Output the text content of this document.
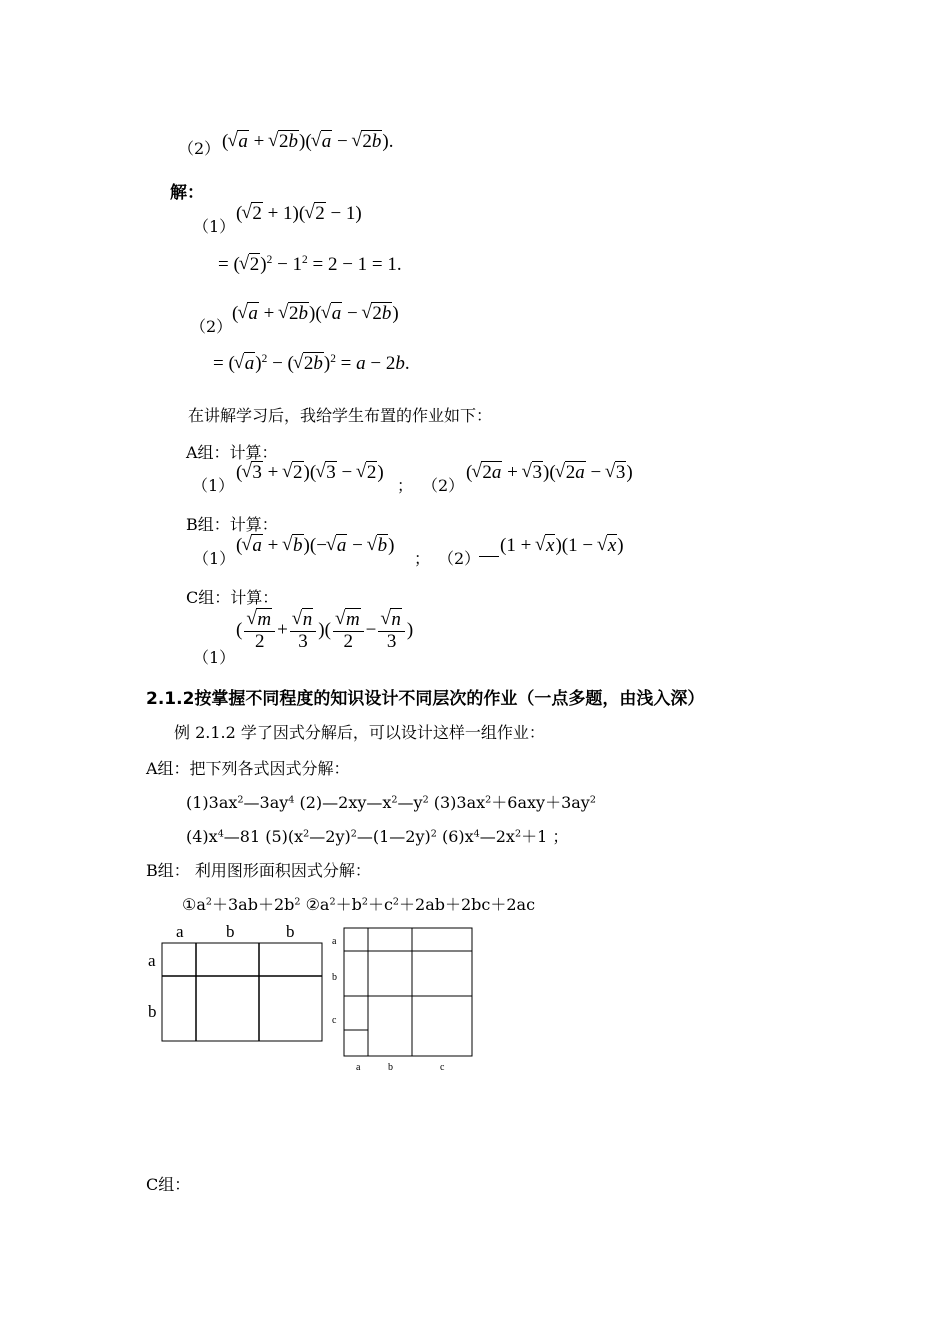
（2） ( √ a + √ 2b)( √ a − √ 2b).
解：
（1）
( √ 2 + 1)( √ 2 − 1)
= ( √ $2)^2 - 1^2 = 2 - 1 = 1$.
（2）
( √ a + √ 2b)( √ a − √ 2b)
= ( √ a)$^2$ − ( √ 2b)$^2$ = a − 2b.
在讲解学习后，我给学生布置的作业如下：
A组：计算：
（1）
( √ 3 + √ 2)( √ 3 − √ 2)
； （2）
( √ 2a + √ 3)( √ 2a − √ 3)
B组：计算：
（1）
( √ a + √ b)(− √ a − √ b)
； （2）
(1 + √ x)(1 − √ x)
C组：计算：
（1）
( √ $\frac{m}{2}$ + √ $\frac{n}{3}$ )( √ $\frac{m}{2}$ − √ $\frac{n}{3}$ )
2.1.2按掌握不同程度的知识设计不同层次的作业（一点多题，由浅入深）
例 2.1.2 学了因式分解后，可以设计这样一组作业：
A组：把下列各式因式分解：
$(1)3ax^2—3ay^4$ $(2)—2xy—x^2—y^2$ $(3)3ax^2+6axy+3ay^2$
$(4)x^4—81$ $(5)(x^2—2y)^2—(1—2y)^2$ $(6)x^4—2x^2+1$ ；
B组： 利用图形面积因式分解：
$①a^2+3ab+2b^2$ $②a^2+b^2+c^2+2ab+2bc+2ac$
a b	b
a
b
a
b
c
a	b	c
C组：
